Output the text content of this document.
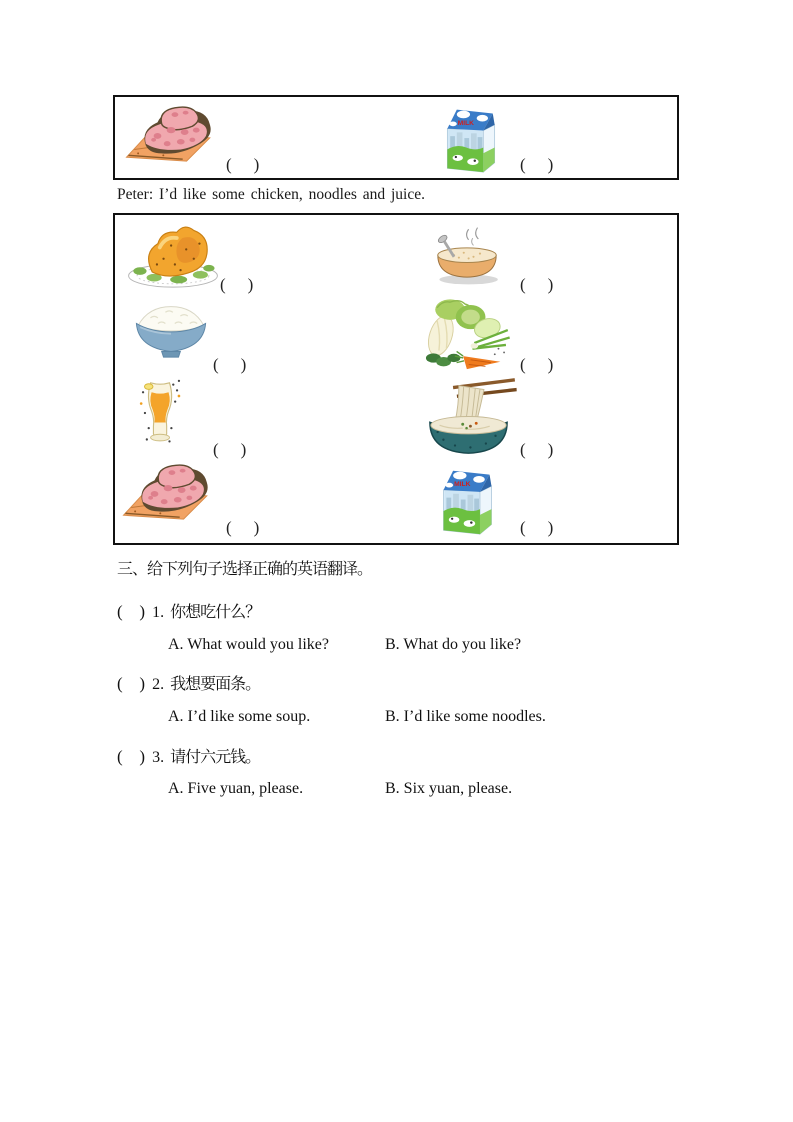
(    )	(    )
Peter: I’d like some chicken, noodles and juice.
(    )	(    )
(    )	(    )
(    )	(    )
(    )	(    )
三、给下列句子选择正确的英语翻译。
(   ) 1. 你想吃什么？
A. What would you like?	B. What do you like?
(   ) 2. 我想要面条。
A. I’d like some soup.	B. I’d like some noodles.
(   ) 3. 请付六元钱。
A. Five yuan, please.	B. Six yuan, please.
